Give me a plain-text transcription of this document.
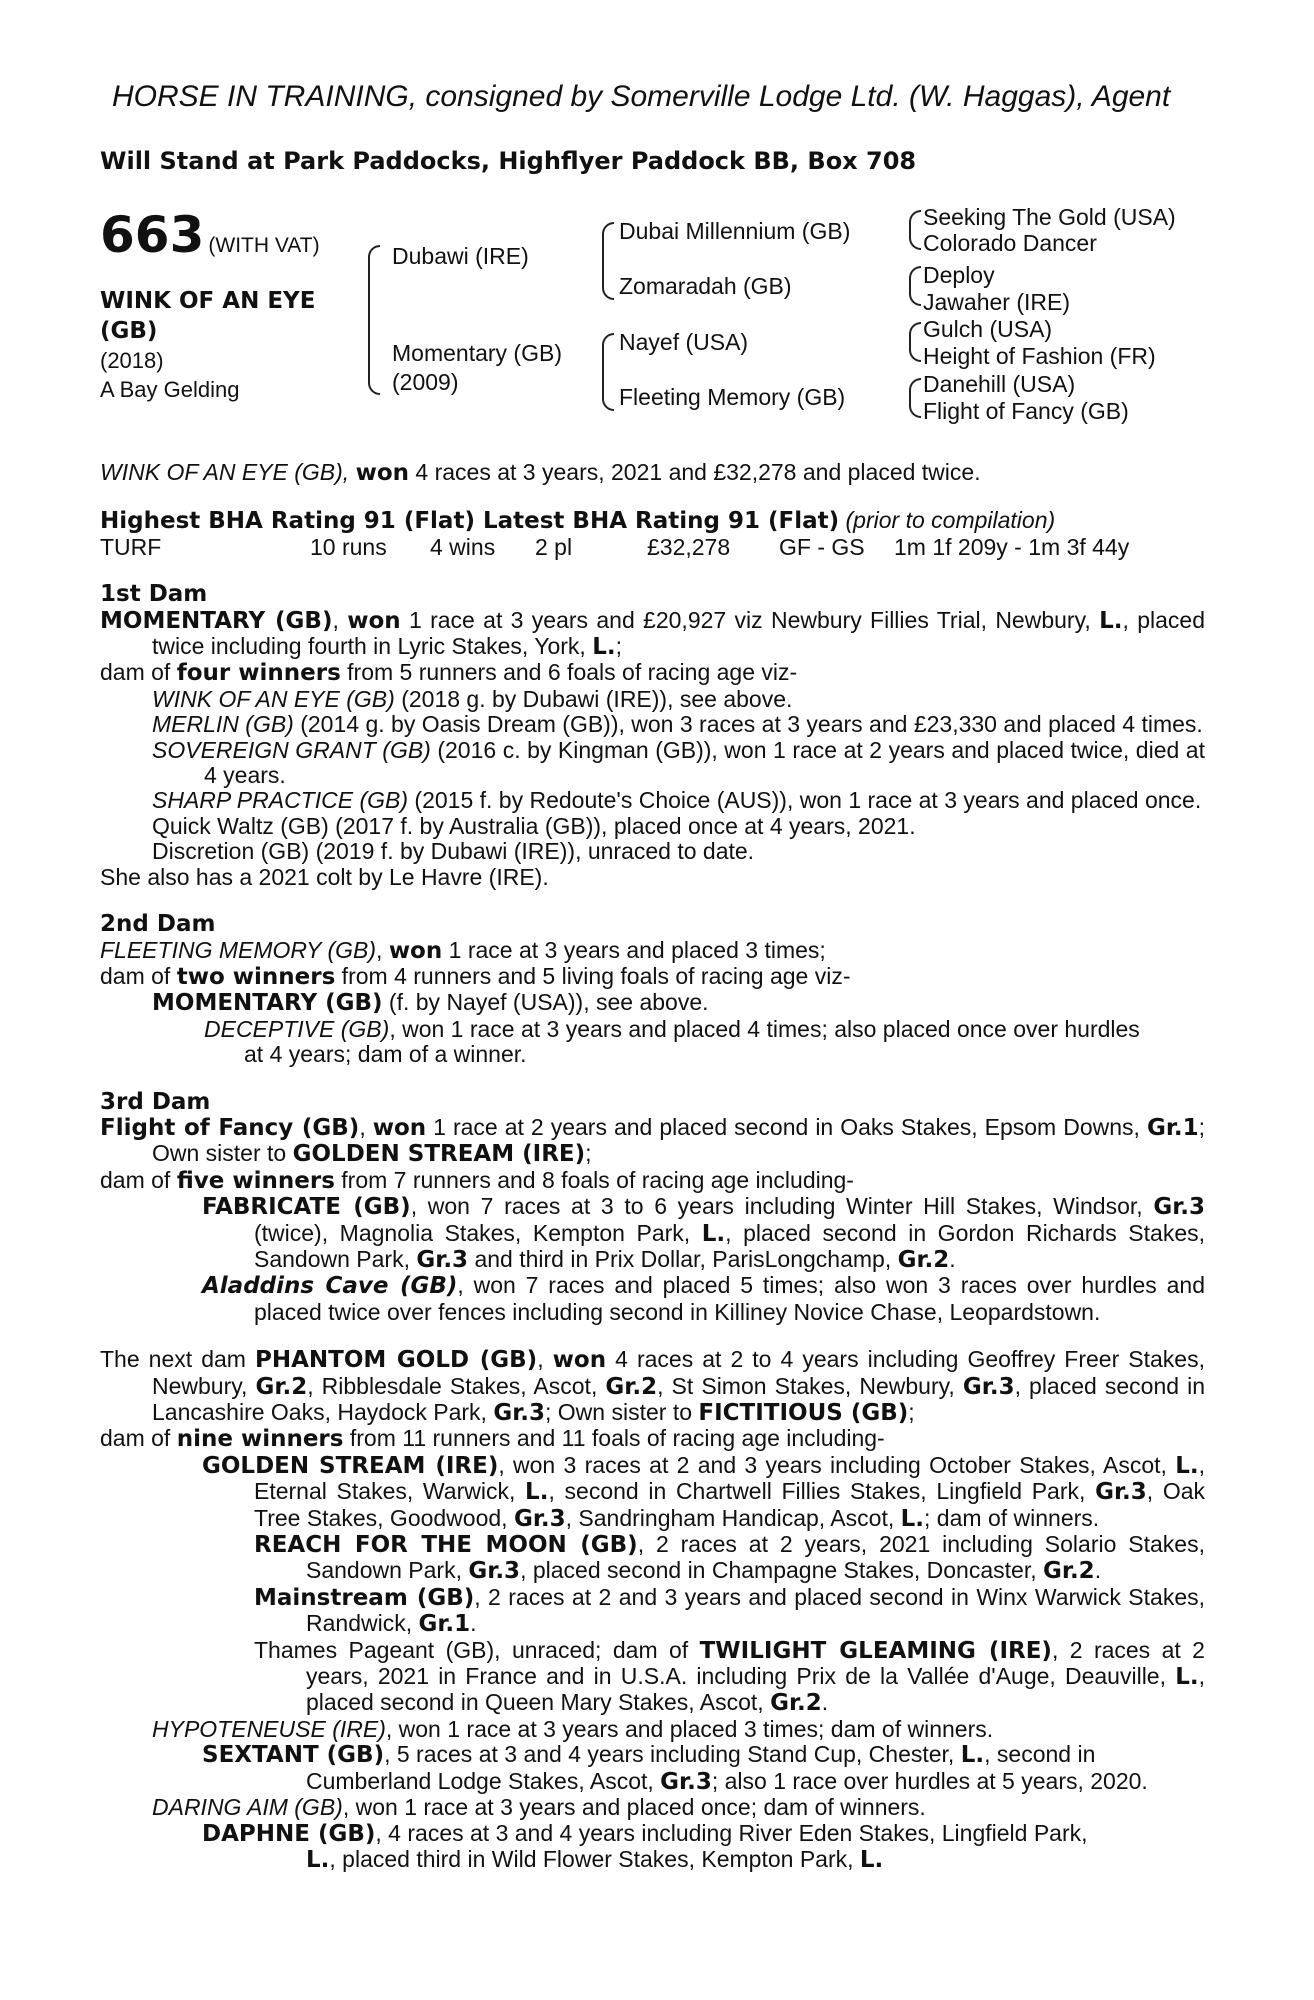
HORSE IN TRAINING, consigned by Somerville Lodge Ltd. (W. Haggas), Agent
Will Stand at Park Paddocks, Highflyer Paddock BB, Box 708
663 (WITH VAT)
WINK OF AN EYE
(GB)
(2018)
A Bay Gelding
Dubawi (IRE)
Momentary (GB)
(2009)
Dubai Millennium (GB)
Zomaradah (GB)
Nayef (USA)
Fleeting Memory (GB)
Seeking The Gold (USA)
Colorado Dancer
Deploy
Jawaher (IRE)
Gulch (USA)
Height of Fashion (FR)
Danehill (USA)
Flight of Fancy (GB)

WINK OF AN EYE (GB), won 4 races at 3 years, 2021 and £32,278 and placed twice.

Highest BHA Rating 91 (Flat) Latest BHA Rating 91 (Flat) (prior to compilation)

TURF	10 runs 4 wins 2 pl	£32,278 GF - GS 1m 1f 209y - 1m 3f 44y

1st Dam

MOMENTARY (GB), won 1 race at 3 years and £20,927 viz Newbury Fillies Trial, Newbury, L., placed twice including fourth in Lyric Stakes, York, L.;

dam of four winners from 5 runners and 6 foals of racing age viz-

WINK OF AN EYE (GB) (2018 g. by Dubawi (IRE)), see above.

MERLIN (GB) (2014 g. by Oasis Dream (GB)), won 3 races at 3 years and £23,330 and placed 4 times.

SOVEREIGN GRANT (GB) (2016 c. by Kingman (GB)), won 1 race at 2 years and placed twice, died at 4 years.

SHARP PRACTICE (GB) (2015 f. by Redoute's Choice (AUS)), won 1 race at 3 years and placed once.

Quick Waltz (GB) (2017 f. by Australia (GB)), placed once at 4 years, 2021.

Discretion (GB) (2019 f. by Dubawi (IRE)), unraced to date.

She also has a 2021 colt by Le Havre (IRE).

2nd Dam

FLEETING MEMORY (GB), won 1 race at 3 years and placed 3 times;

dam of two winners from 4 runners and 5 living foals of racing age viz-

MOMENTARY (GB) (f. by Nayef (USA)), see above.

DECEPTIVE (GB), won 1 race at 3 years and placed 4 times; also placed once over hurdles
at 4 years; dam of a winner.

3rd Dam

Flight of Fancy (GB), won 1 race at 2 years and placed second in Oaks Stakes, Epsom Downs, Gr.1; Own sister to GOLDEN STREAM (IRE);

dam of five winners from 7 runners and 8 foals of racing age including-

FABRICATE (GB), won 7 races at 3 to 6 years including Winter Hill Stakes, Windsor, Gr.3 (twice), Magnolia Stakes, Kempton Park, L., placed second in Gordon Richards Stakes, Sandown Park, Gr.3 and third in Prix Dollar, ParisLongchamp, Gr.2.

Aladdins Cave (GB), won 7 races and placed 5 times; also won 3 races over hurdles and placed twice over fences including second in Killiney Novice Chase, Leopardstown.

The next dam PHANTOM GOLD (GB), won 4 races at 2 to 4 years including Geoffrey Freer Stakes, Newbury, Gr.2, Ribblesdale Stakes, Ascot, Gr.2, St Simon Stakes, Newbury, Gr.3, placed second in Lancashire Oaks, Haydock Park, Gr.3; Own sister to FICTITIOUS (GB);

dam of nine winners from 11 runners and 11 foals of racing age including-

GOLDEN STREAM (IRE), won 3 races at 2 and 3 years including October Stakes, Ascot, L., Eternal Stakes, Warwick, L., second in Chartwell Fillies Stakes, Lingfield Park, Gr.3, Oak Tree Stakes, Goodwood, Gr.3, Sandringham Handicap, Ascot, L.; dam of winners.

REACH FOR THE MOON (GB), 2 races at 2 years, 2021 including Solario Stakes, Sandown Park, Gr.3, placed second in Champagne Stakes, Doncaster, Gr.2.

Mainstream (GB), 2 races at 2 and 3 years and placed second in Winx Warwick Stakes, Randwick, Gr.1.

Thames Pageant (GB), unraced; dam of TWILIGHT GLEAMING (IRE), 2 races at 2 years, 2021 in France and in U.S.A. including Prix de la Vallée d'Auge, Deauville, L., placed second in Queen Mary Stakes, Ascot, Gr.2.

HYPOTENEUSE (IRE), won 1 race at 3 years and placed 3 times; dam of winners.

SEXTANT (GB), 5 races at 3 and 4 years including Stand Cup, Chester, L., second in
Cumberland Lodge Stakes, Ascot, Gr.3; also 1 race over hurdles at 5 years, 2020.

DARING AIM (GB), won 1 race at 3 years and placed once; dam of winners.

DAPHNE (GB), 4 races at 3 and 4 years including River Eden Stakes, Lingfield Park,
L., placed third in Wild Flower Stakes, Kempton Park, L.
